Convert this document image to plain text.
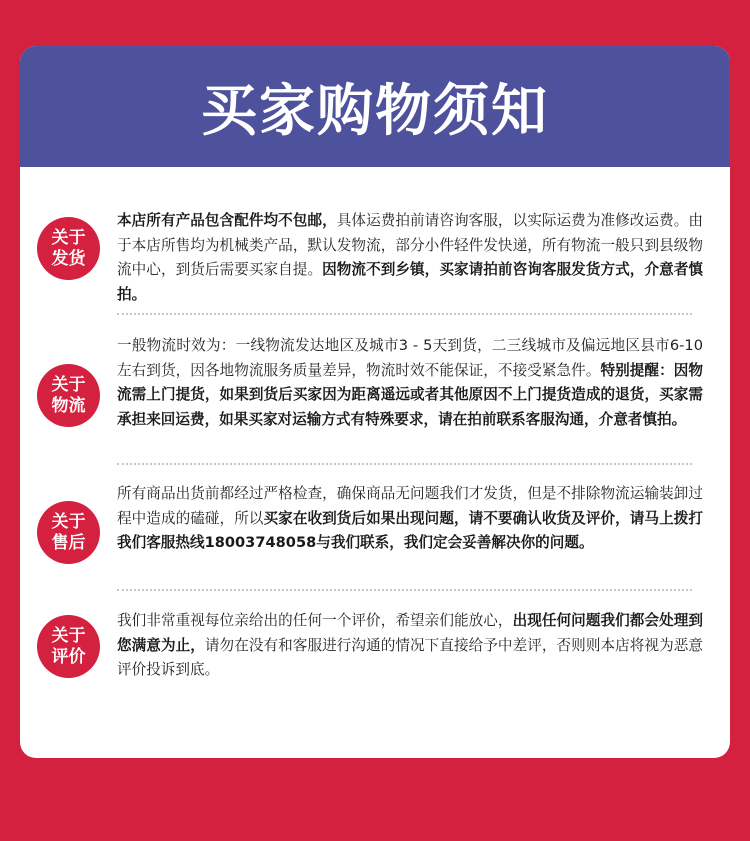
买家购物须知
关于
发货
本店所有产品包含配件均不包邮，具体运费拍前请咨询客服，以实际运费为准修改运费。由于本店所售均为机械类产品，默认发物流，部分小件轻件发快递，所有物流一般只到县级物流中心，到货后需要买家自提。因物流不到乡镇，买家请拍前咨询客服发货方式，介意者慎拍。
关于
物流
一般物流时效为：一线物流发达地区及城市3 - 5天到货，二三线城市及偏远地区县市6-10左右到货，因各地物流服务质量差异，物流时效不能保证，不接受紧急件。特别提醒：因物流需上门提货，如果到货后买家因为距离遥远或者其他原因不上门提货造成的退货，买家需承担来回运费，如果买家对运输方式有特殊要求，请在拍前联系客服沟通，介意者慎拍。
关于
售后
所有商品出货前都经过严格检查，确保商品无问题我们才发货，但是不排除物流运输装卸过程中造成的磕碰，所以买家在收到货后如果出现问题，请不要确认收货及评价，请马上拨打我们客服热线18003748058与我们联系，我们定会妥善解决你的问题。
关于
评价
我们非常重视每位亲给出的任何一个评价，希望亲们能放心，出现任何问题我们都会处理到您满意为止，请勿在没有和客服进行沟通的情况下直接给予中差评，否则则本店将视为恶意评价投诉到底。
